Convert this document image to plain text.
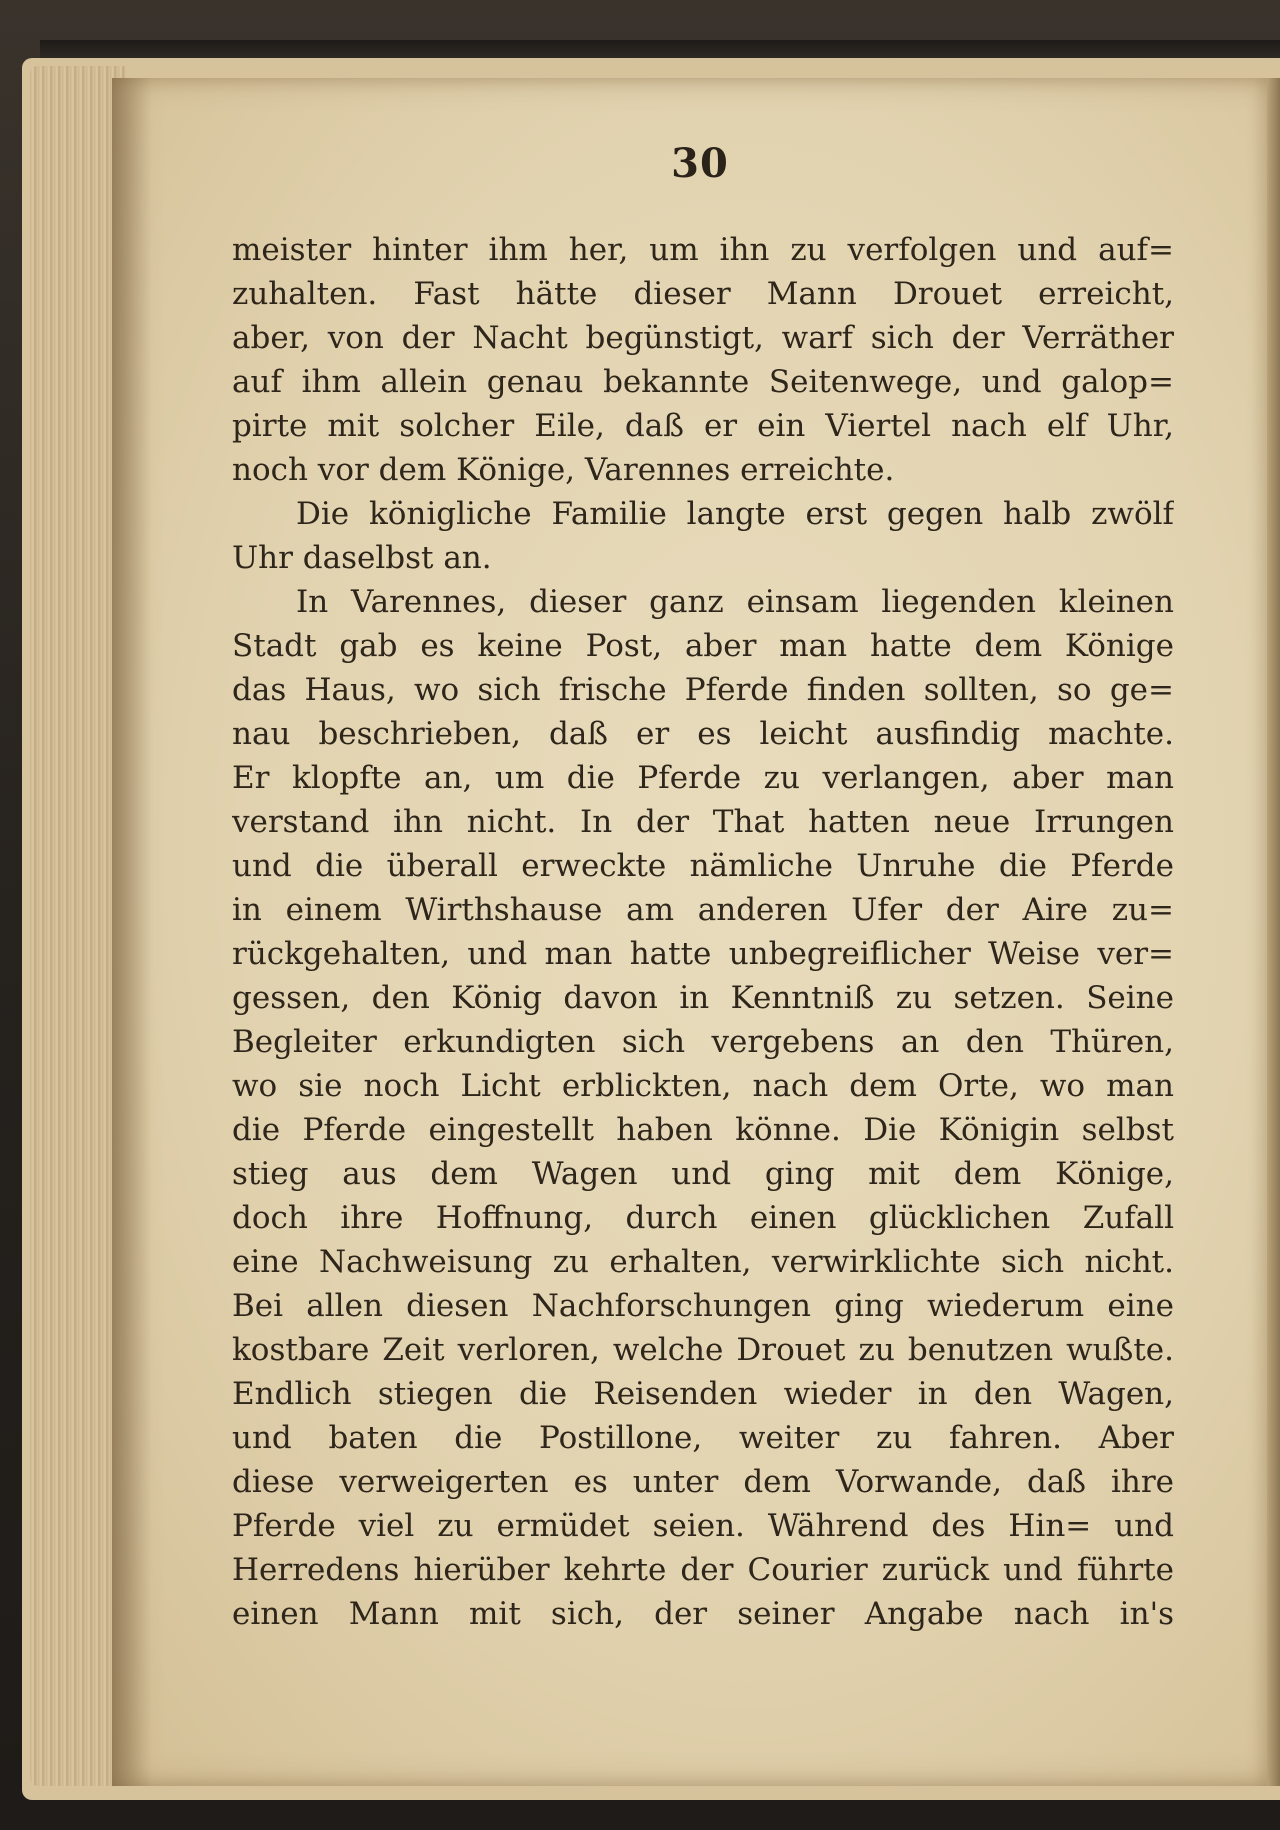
30
meister hinter ihm her, um ihn zu verfolgen und auf=
zuhalten. Fast hätte dieser Mann Drouet erreicht,
aber, von der Nacht begünstigt, warf sich der Verräther
auf ihm allein genau bekannte Seitenwege, und galop=
pirte mit solcher Eile, daß er ein Viertel nach elf Uhr,
noch vor dem Könige, Varennes erreichte.
Die königliche Familie langte erst gegen halb zwölf
Uhr daselbst an.
In Varennes, dieser ganz einsam liegenden kleinen
Stadt gab es keine Post, aber man hatte dem Könige
das Haus, wo sich frische Pferde finden sollten, so ge=
nau beschrieben, daß er es leicht ausfindig machte.
Er klopfte an, um die Pferde zu verlangen, aber man
verstand ihn nicht. In der That hatten neue Irrungen
und die überall erweckte nämliche Unruhe die Pferde
in einem Wirthshause am anderen Ufer der Aire zu=
rückgehalten, und man hatte unbegreiflicher Weise ver=
gessen, den König davon in Kenntniß zu setzen. Seine
Begleiter erkundigten sich vergebens an den Thüren,
wo sie noch Licht erblickten, nach dem Orte, wo man
die Pferde eingestellt haben könne. Die Königin selbst
stieg aus dem Wagen und ging mit dem Könige,
doch ihre Hoffnung, durch einen glücklichen Zufall
eine Nachweisung zu erhalten, verwirklichte sich nicht.
Bei allen diesen Nachforschungen ging wiederum eine
kostbare Zeit verloren, welche Drouet zu benutzen wußte.
Endlich stiegen die Reisenden wieder in den Wagen,
und baten die Postillone, weiter zu fahren. Aber
diese verweigerten es unter dem Vorwande, daß ihre
Pferde viel zu ermüdet seien. Während des Hin= und
Herredens hierüber kehrte der Courier zurück und führte
einen Mann mit sich, der seiner Angabe nach in's
